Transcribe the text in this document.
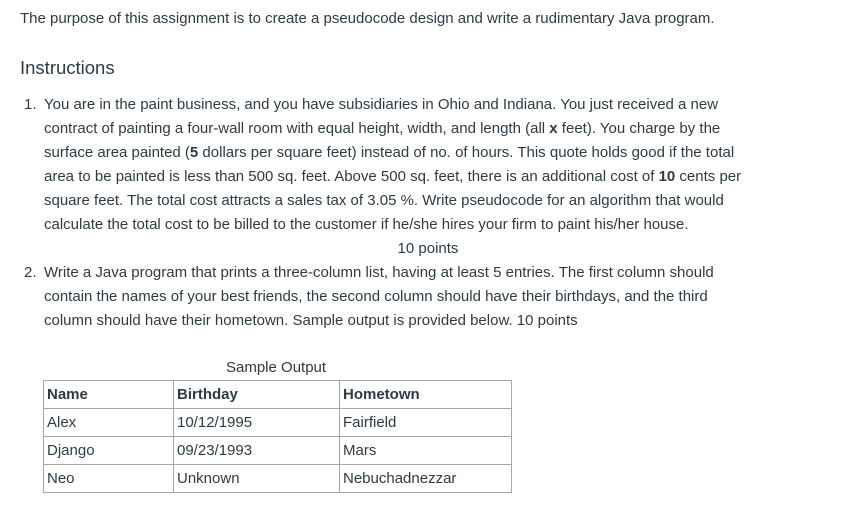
The purpose of this assignment is to create a pseudocode design and write a rudimentary Java program.
Instructions
1. You are in the paint business, and you have subsidiaries in Ohio and Indiana. You just received a new
contract of painting a four-wall room with equal height, width, and length (all x feet). You charge by the
surface area painted (5 dollars per square feet) instead of no. of hours. This quote holds good if the total
area to be painted is less than 500 sq. feet. Above 500 sq. feet, there is an additional cost of 10 cents per
square feet. The total cost attracts a sales tax of 3.05 %. Write pseudocode for an algorithm that would
calculate the total cost to be billed to the customer if he/she hires your firm to paint his/her house.
10 points
2. Write a Java program that prints a three-column list, having at least 5 entries. The first column should
contain the names of your best friends, the second column should have their birthdays, and the third
column should have their hometown. Sample output is provided below. 10 points
Sample Output
Name	Birthday	Hometown
Alex	10/12/1995	Fairfield
Django	09/23/1993	Mars
Neo	Unknown	Nebuchadnezzar
